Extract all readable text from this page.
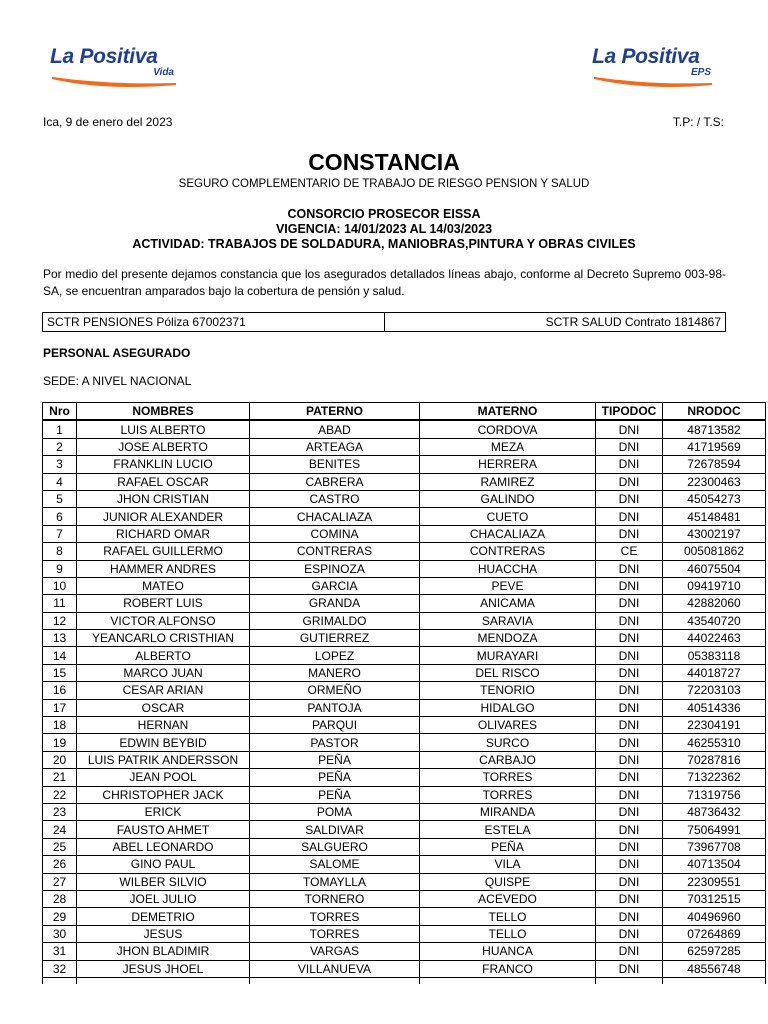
La Positiva
Vida
La Positiva
EPS
Ica, 9 de enero del 2023	T.P: / T.S:
CONSTANCIA
SEGURO COMPLEMENTARIO DE TRABAJO DE RIESGO PENSION Y SALUD
CONSORCIO PROSECOR EISSA
VIGENCIA: 14/01/2023 AL 14/03/2023
ACTIVIDAD: TRABAJOS DE SOLDADURA, MANIOBRAS,PINTURA Y OBRAS CIVILES
Por medio del presente dejamos constancia que los asegurados detallados líneas abajo, conforme al Decreto Supremo 003-98-SA, se encuentran amparados bajo la cobertura de pensión y salud.
SCTR PENSIONES Póliza 67002371	SCTR SALUD Contrato 1814867
PERSONAL ASEGURADO
SEDE: A NIVEL NACIONAL
Nro	NOMBRES	PATERNO	MATERNO	TIPODOC	NRODOC
1	LUIS ALBERTO	ABAD	CORDOVA	DNI	48713582
2	JOSE ALBERTO	ARTEAGA	MEZA	DNI	41719569
3	FRANKLIN LUCIO	BENITES	HERRERA	DNI	72678594
4	RAFAEL OSCAR	CABRERA	RAMIREZ	DNI	22300463
5	JHON CRISTIAN	CASTRO	GALINDO	DNI	45054273
6	JUNIOR ALEXANDER	CHACALIAZA	CUETO	DNI	45148481
7	RICHARD OMAR	COMINA	CHACALIAZA	DNI	43002197
8	RAFAEL GUILLERMO	CONTRERAS	CONTRERAS	CE	005081862
9	HAMMER ANDRES	ESPINOZA	HUACCHA	DNI	46075504
10	MATEO	GARCIA	PEVE	DNI	09419710
11	ROBERT LUIS	GRANDA	ANICAMA	DNI	42882060
12	VICTOR ALFONSO	GRIMALDO	SARAVIA	DNI	43540720
13	YEANCARLO CRISTHIAN	GUTIERREZ	MENDOZA	DNI	44022463
14	ALBERTO	LOPEZ	MURAYARI	DNI	05383118
15	MARCO JUAN	MANERO	DEL RISCO	DNI	44018727
16	CESAR ARIAN	ORMEÑO	TENORIO	DNI	72203103
17	OSCAR	PANTOJA	HIDALGO	DNI	40514336
18	HERNAN	PARQUI	OLIVARES	DNI	22304191
19	EDWIN BEYBID	PASTOR	SURCO	DNI	46255310
20	LUIS PATRIK ANDERSSON	PEÑA	CARBAJO	DNI	70287816
21	JEAN POOL	PEÑA	TORRES	DNI	71322362
22	CHRISTOPHER JACK	PEÑA	TORRES	DNI	71319756
23	ERICK	POMA	MIRANDA	DNI	48736432
24	FAUSTO AHMET	SALDIVAR	ESTELA	DNI	75064991
25	ABEL LEONARDO	SALGUERO	PEÑA	DNI	73967708
26	GINO PAUL	SALOME	VILA	DNI	40713504
27	WILBER SILVIO	TOMAYLLA	QUISPE	DNI	22309551
28	JOEL JULIO	TORNERO	ACEVEDO	DNI	70312515
29	DEMETRIO	TORRES	TELLO	DNI	40496960
30	JESUS	TORRES	TELLO	DNI	07264869
31	JHON BLADIMIR	VARGAS	HUANCA	DNI	62597285
32	JESUS JHOEL	VILLANUEVA	FRANCO	DNI	48556748
